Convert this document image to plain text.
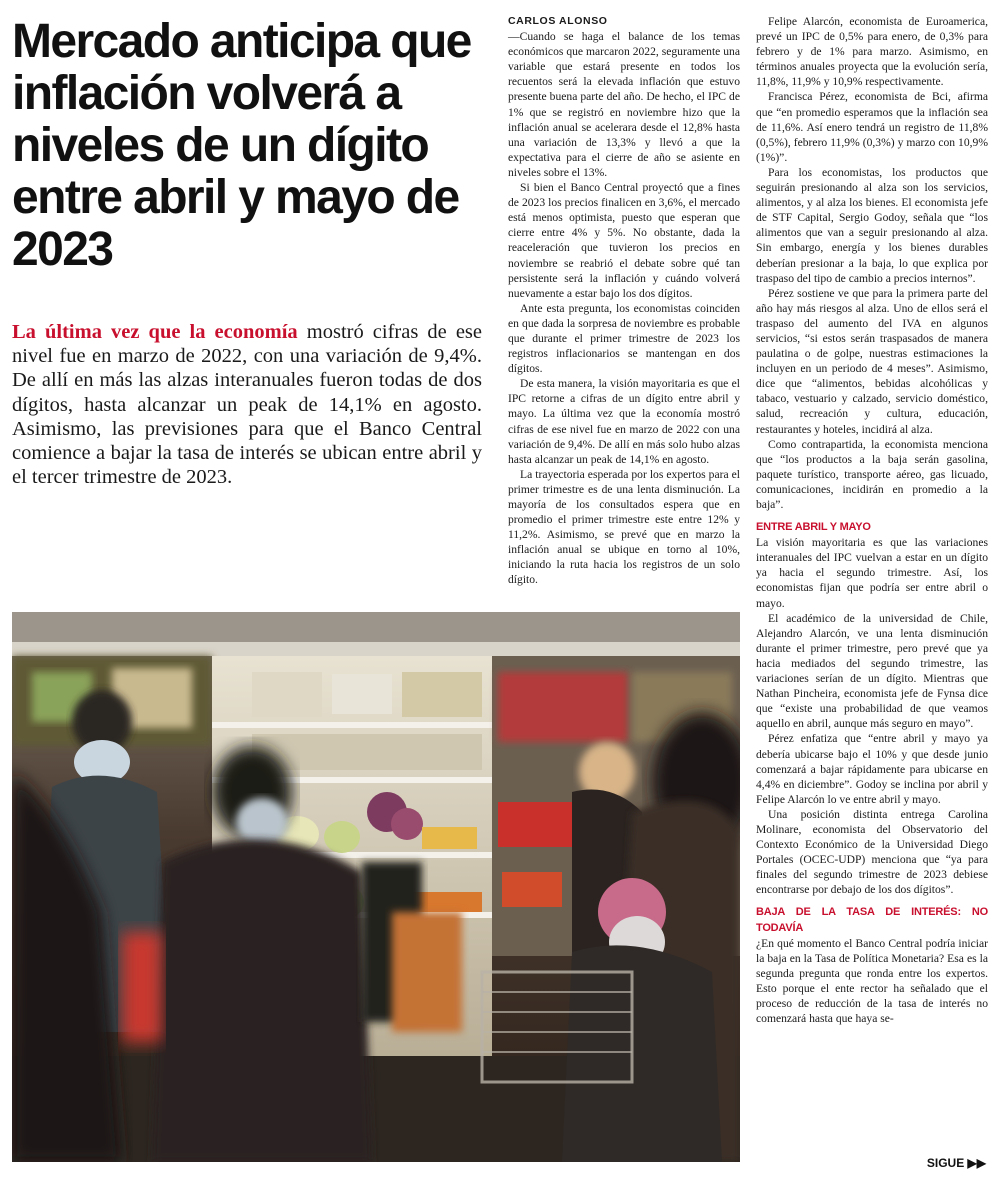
Mercado anticipa que inflación volverá a niveles de un dígito entre abril y mayo de 2023

La última vez que la economía mostró cifras de ese nivel fue en marzo de 2022, con una variación de 9,4%. De allí en más las alzas interanuales fueron todas de dos dígitos, hasta alcanzar un peak de 14,1% en agosto. Asimismo, las previsiones para que el Banco Central comience a bajar la tasa de interés se ubican entre abril y el tercer trimestre de 2023.

CARLOS ALONSO

—Cuando se haga el balance de los temas económicos que marcaron 2022, seguramente una variable que estará presente en todos los recuentos será la elevada inflación que estuvo presente buena parte del año. De hecho, el IPC de 1% que se registró en noviembre hizo que la inflación anual se acelerara desde el 12,8% hasta una variación de 13,3% y llevó a que la expectativa para el cierre de año se asiente en niveles sobre el 13%.

Si bien el Banco Central proyectó que a fines de 2023 los precios finalicen en 3,6%, el mercado está menos optimista, puesto que esperan que cierre entre 4% y 5%. No obstante, dada la reaceleración que tuvieron los precios en noviembre se reabrió el debate sobre qué tan persistente será la inflación y cuándo volverá nuevamente a estar bajo los dos dígitos.

Ante esta pregunta, los economistas coinciden en que dada la sorpresa de noviembre es probable que durante el primer trimestre de 2023 los registros inflacionarios se mantengan en dos dígitos.

De esta manera, la visión mayoritaria es que el IPC retorne a cifras de un dígito entre abril y mayo. La última vez que la economía mostró cifras de ese nivel fue en marzo de 2022 con una variación de 9,4%. De allí en más solo hubo alzas hasta alcanzar un peak de 14,1% en agosto.

La trayectoria esperada por los expertos para el primer trimestre es de una lenta disminución. La mayoría de los consultados espera que en promedio el primer trimestre este entre 12% y 11,2%. Asimismo, se prevé que en marzo la inflación anual se ubique en torno al 10%, iniciando la ruta hacia los registros de un solo dígito.

Felipe Alarcón, economista de Euroamerica, prevé un IPC de 0,5% para enero, de 0,3% para febrero y de 1% para marzo. Asimismo, en términos anuales proyecta que la evolución sería, 11,8%, 11,9% y 10,9% respectivamente.

Francisca Pérez, economista de Bci, afirma que “en promedio esperamos que la inflación sea de 11,6%. Así enero tendrá un registro de 11,8% (0,5%), febrero 11,9% (0,3%) y marzo con 10,9% (1%)”.

Para los economistas, los productos que seguirán presionando al alza son los servicios, alimentos, y al alza los bienes. El economista jefe de STF Capital, Sergio Godoy, señala que “los alimentos que van a seguir presionando al alza. Sin embargo, energía y los bienes durables deberían presionar a la baja, lo que explica por traspaso del tipo de cambio a precios internos”.

Pérez sostiene ve que para la primera parte del año hay más riesgos al alza. Uno de ellos será el traspaso del aumento del IVA en algunos servicios, “si estos serán traspasados de manera paulatina o de golpe, nuestras estimaciones la incluyen en un periodo de 4 meses”. Asimismo, dice que “alimentos, bebidas alcohólicas y tabaco, vestuario y calzado, servicio doméstico, salud, recreación y cultura, educación, restaurantes y hoteles, incidirá al alza.

Como contrapartida, la economista menciona que “los productos a la baja serán gasolina, paquete turístico, transporte aéreo, gas licuado, comunicaciones, incidirán en promedio a la baja”.

ENTRE ABRIL Y MAYO

La visión mayoritaria es que las variaciones interanuales del IPC vuelvan a estar en un dígito ya hacia el segundo trimestre. Así, los economistas fijan que podría ser entre abril o mayo.

El académico de la universidad de Chile, Alejandro Alarcón, ve una lenta disminución durante el primer trimestre, pero prevé que ya hacia mediados del segundo trimestre, las variaciones serían de un dígito. Mientras que Nathan Pincheira, economista jefe de Fynsa dice que “existe una probabilidad de que veamos aquello en abril, aunque más seguro en mayo”.

Pérez enfatiza que “entre abril y mayo ya debería ubicarse bajo el 10% y que desde junio comenzará a bajar rápidamente para ubicarse en 4,4% en diciembre”. Godoy se inclina por abril y Felipe Alarcón lo ve entre abril y mayo.

Una posición distinta entrega Carolina Molinare, economista del Observatorio del Contexto Económico de la Universidad Diego Portales (OCEC-UDP) menciona que “ya para finales del segundo trimestre de 2023 debiese encontrarse por debajo de los dos dígitos”.

BAJA DE LA TASA DE INTERÉS: NO TODAVÍA

¿En qué momento el Banco Central podría iniciar la baja en la Tasa de Política Monetaria? Esa es la segunda pregunta que ronda entre los expertos. Esto porque el ente rector ha señalado que el proceso de reducción de la tasa de interés no comenzará hasta que haya se-

SIGUE ▶▶
